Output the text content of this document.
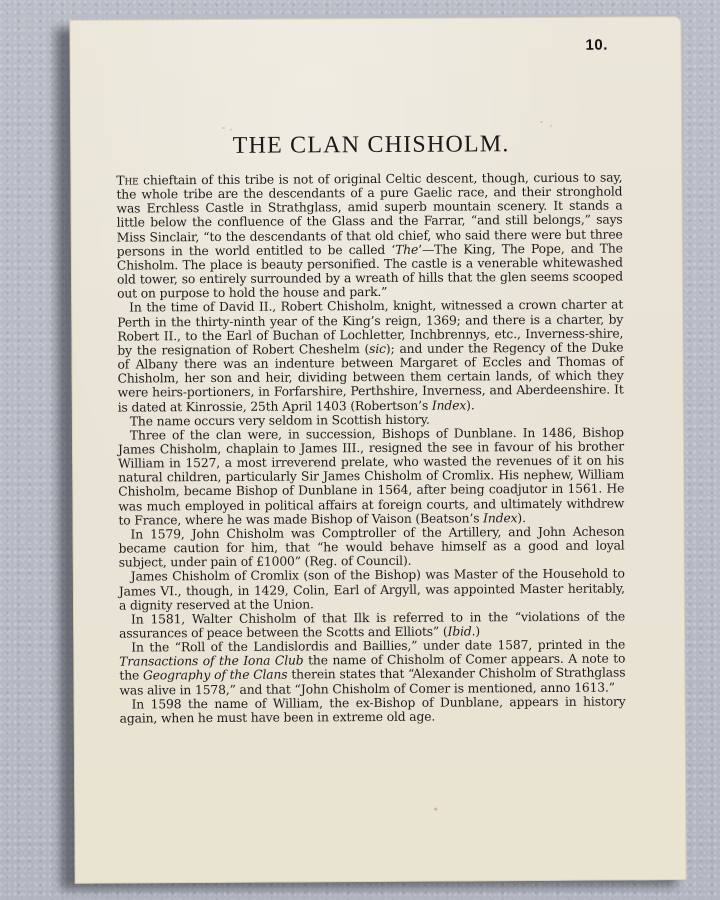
10.
THE CLAN CHISHOLM.

The chieftain of this tribe is not of original Celtic descent, though, curious to say, the whole tribe are the descendants of a pure Gaelic race, and their stronghold was Erchless Castle in Strathglass, amid superb mountain scenery. It stands a little below the confluence of the Glass and the Farrar, “and still belongs,” says Miss Sinclair, “to the descendants of that old chief, who said there were but three persons in the world entitled to be called ‘The’—The King, The Pope, and The Chisholm. The place is beauty personified. The castle is a venerable whitewashed old tower, so entirely surrounded by a wreath of hills that the glen seems scooped out on purpose to hold the house and park.”

In the time of David II., Robert Chisholm, knight, witnessed a crown charter at Perth in the thirty-ninth year of the King’s reign, 1369; and there is a charter, by Robert II., to the Earl of Buchan of Lochletter, Inchbrennys, etc., Inverness-shire, by the resignation of Robert Cheshelm (sic); and under the Regency of the Duke of Albany there was an indenture between Margaret of Eccles and Thomas of Chisholm, her son and heir, dividing between them certain lands, of which they were heirs-portioners, in Forfarshire, Perthshire, Inverness, and Aberdeenshire. It is dated at Kinrossie, 25th April 1403 (Robertson’s Index).

The name occurs very seldom in Scottish history.

Three of the clan were, in succession, Bishops of Dunblane. In 1486, Bishop James Chisholm, chaplain to James III., resigned the see in favour of his brother William in 1527, a most irreverend prelate, who wasted the revenues of it on his natural children, particularly Sir James Chisholm of Cromlix. His nephew, William Chisholm, became Bishop of Dunblane in 1564, after being coadjutor in 1561. He was much employed in political affairs at foreign courts, and ultimately withdrew to France, where he was made Bishop of Vaison (Beatson’s Index).

In 1579, John Chisholm was Comptroller of the Artillery, and John Acheson became caution for him, that “he would behave himself as a good and loyal subject, under pain of £1000” (Reg. of Council).

James Chisholm of Cromlix (son of the Bishop) was Master of the Household to James VI., though, in 1429, Colin, Earl of Argyll, was appointed Master heritably, a dignity reserved at the Union.

In 1581, Walter Chisholm of that Ilk is referred to in the “violations of the assurances of peace between the Scotts and Elliots” (Ibid.)

In the “Roll of the Landislordis and Baillies,” under date 1587, printed in the Transactions of the Iona Club the name of Chisholm of Comer appears. A note to the Geography of the Clans therein states that “Alexander Chisholm of Strathglass was alive in 1578,” and that “John Chisholm of Comer is mentioned, anno 1613.”

In 1598 the name of William, the ex-Bishop of Dunblane, appears in history again, when he must have been in extreme old age.
